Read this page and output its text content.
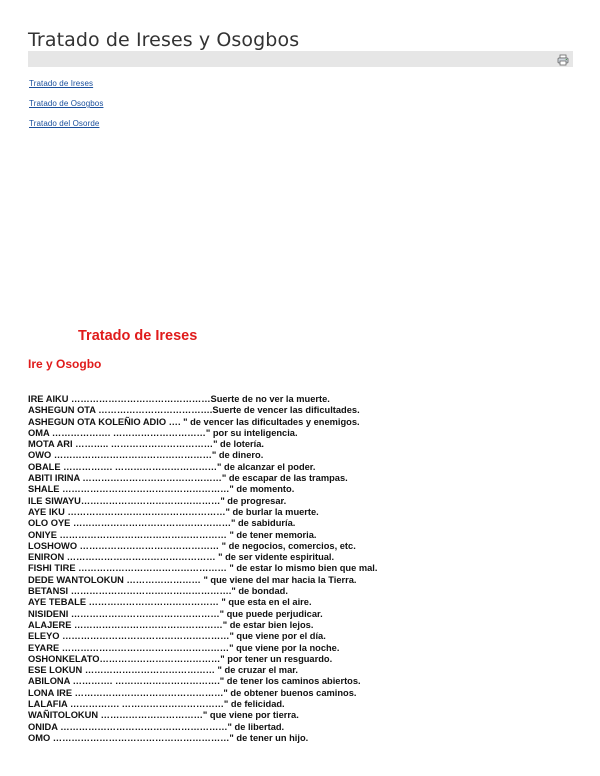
Tratado de Ireses y Osogbos
Tratado de Ireses
Tratado de Osogbos
Tratado del Osorde
Tratado de Ireses
Ire y Osogbo
IRE AIKU ………………………………………Suerte de no ver la muerte.
ASHEGUN OTA ……………………………….Suerte de vencer las dificultades.
ASHEGUN OTA KOLEÑIO ADIO …. " de vencer las dificultades y enemigos.
OMA ………………. …………………………" por su inteligencia.
MOTA ARI ……….. ……………………………" de lotería.
OWO ……………………………………………" de dinero.
OBALE ……………. ……………………………" de alcanzar el poder.
ABITI IRINA ………………………………………" de escapar de las trampas.
SHALE ………………………………………………" de momento.
ILE SIWAYU………………………………………" de progresar.
AYE IKU ……………………………………………" de burlar la muerte.
OLO OYE ……………………………………………" de sabiduría.
ONIYE ……………………………………………… " de tener memoria.
LOSHOWO ……………………………………… " de negocios, comercios, etc.
ENIRON ………………………………………… " de ser vidente espiritual.
FISHI TIRE ………………………………………… " de estar lo mismo bien que mal.
DEDE WANTOLOKUN …………………… " que viene del mar hacia la Tierra.
BETANSI ……………………………………………." de bondad.
AYE TEBALE …………………………………… " que esta en el aire.
NISIDENI …………………………………………" que puede perjudicar.
ALAJERE …………………………………………" de estar bien lejos.
ELEYO ………………………………………………" que viene por el día.
EYARE ………………………………………………" que viene por la noche.
OSHONKELATO…………………………………" por tener un resguardo.
ESE LOKUN …………………………………… " de cruzar el mar.
ABILONA …………. ……………………………." de tener los caminos abiertos.
LONA IRE …………………………………………" de obtener buenos caminos.
LALAFIA ……………. ……………………………" de felicidad.
WAÑITOLOKUN ……………………………" que viene por tierra.
ONIDA ………………………………………………" de libertad.
OMO …………………………………………………" de tener un hijo.
